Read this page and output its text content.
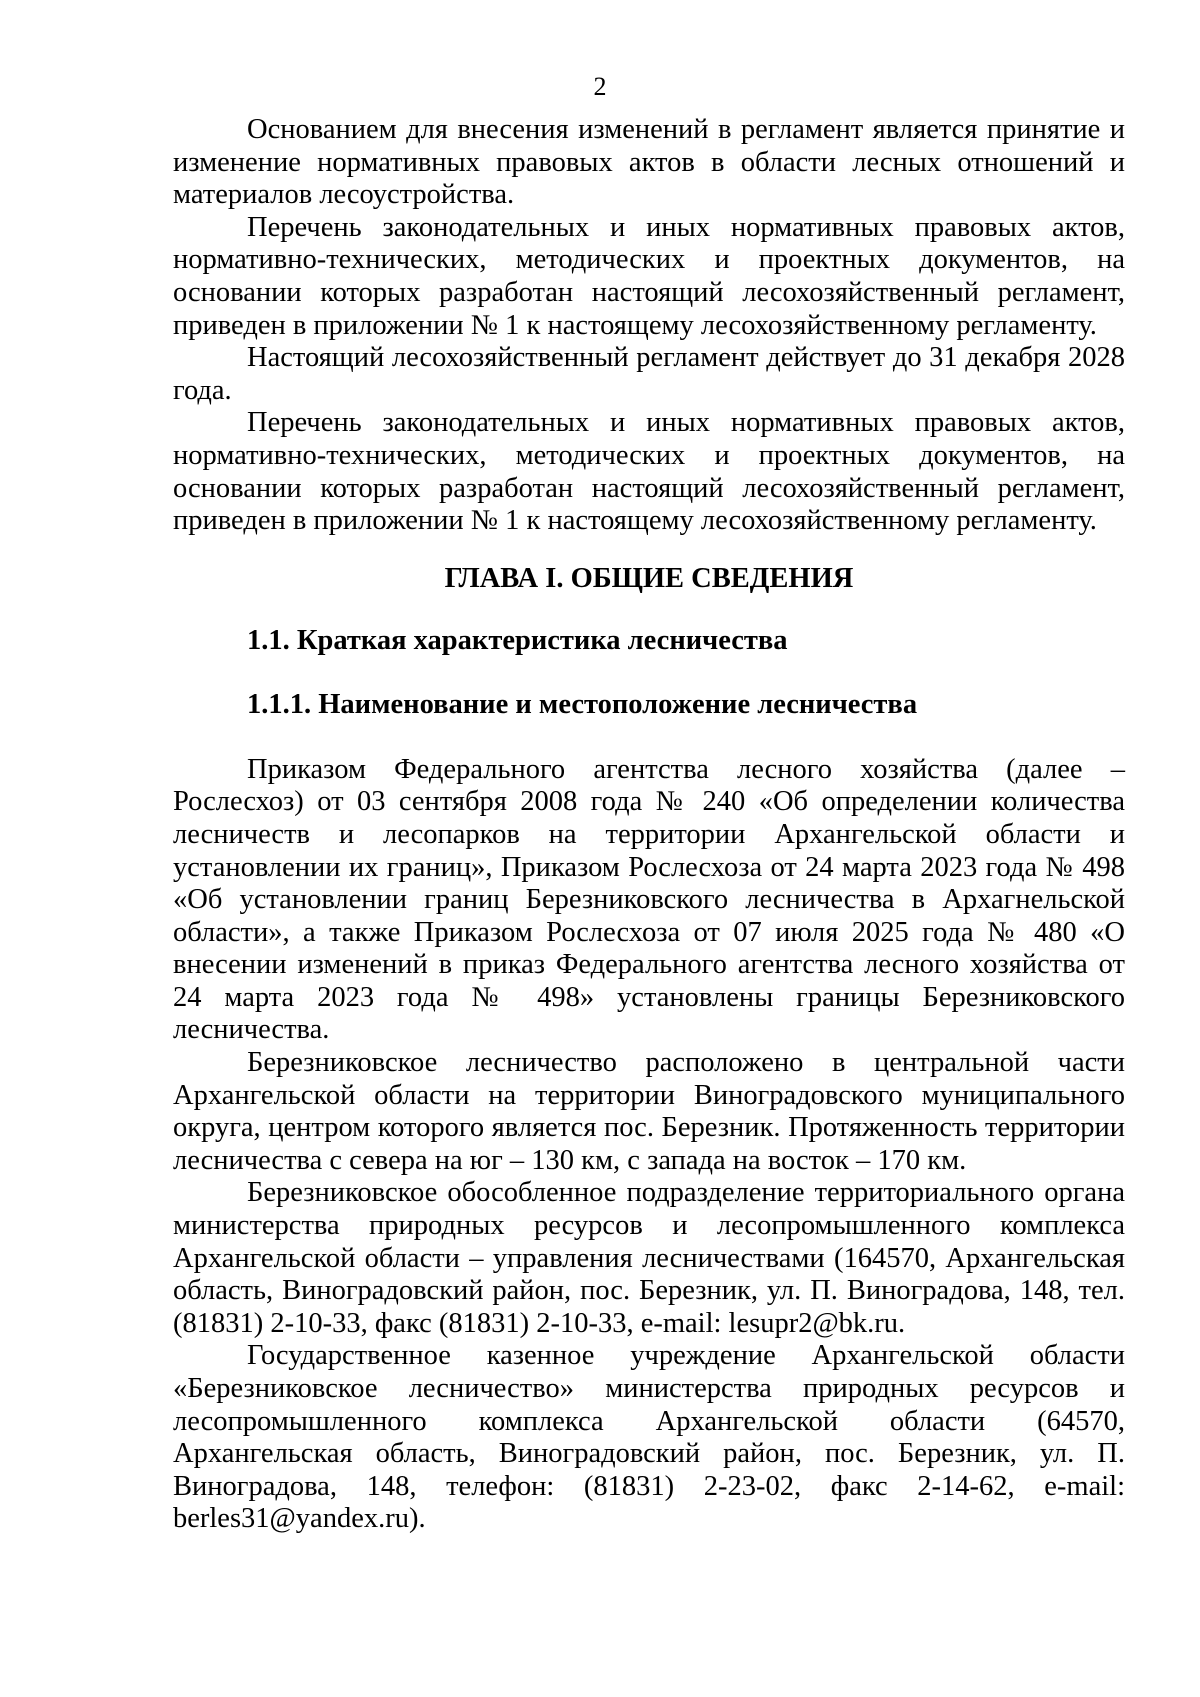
2

Основанием для внесения изменений в регламент является принятие и изменение нормативных правовых актов в области лесных отношений и материалов лесоустройства.

Перечень законодательных и иных нормативных правовых актов, нормативно-технических, методических и проектных документов, на основании которых разработан настоящий лесохозяйственный регламент, приведен в приложении № 1 к настоящему лесохозяйственному регламенту.

Настоящий лесохозяйственный регламент действует до 31 декабря 2028 года.

Перечень законодательных и иных нормативных правовых актов, нормативно-технических, методических и проектных документов, на основании которых разработан настоящий лесохозяйственный регламент, приведен в приложении № 1 к настоящему лесохозяйственному регламенту.

ГЛАВА I. ОБЩИЕ СВЕДЕНИЯ
1.1. Краткая характеристика лесничества
1.1.1. Наименование и местоположение лесничества

Приказом Федерального агентства лесного хозяйства (далее – Рослесхоз) от 03 сентября 2008 года № 240 «Об определении количества лесничеств и лесопарков на территории Архангельской области и установлении их границ», Приказом Рослесхоза от 24 марта 2023 года № 498 «Об установлении границ Березниковского лесничества в Архагнельской области», а также Приказом Рослесхоза от 07 июля 2025 года № 480 «О внесении изменений в приказ Федерального агентства лесного хозяйства от 24 марта 2023 года № 498» установлены границы Березниковского лесничества.

Березниковское лесничество расположено в центральной части Архангельской области на территории Виноградовского муниципального округа, центром которого является пос. Березник. Протяженность территории лесничества с севера на юг – 130 км, с запада на восток – 170 км.

Березниковское обособленное подразделение территориального органа министерства природных ресурсов и лесопромышленного комплекса Архангельской области – управления лесничествами (164570, Архангельская область, Виноградовский район, пос. Березник, ул. П. Виноградова, 148, тел. (81831) 2-10-33, факс (81831) 2-10-33, e-mail: lesupr2@bk.ru.

Государственное казенное учреждение Архангельской области «Березниковское лесничество» министерства природных ресурсов и лесопромышленного комплекса Архангельской области (64570, Архангельская область, Виноградовский район, пос. Березник, ул. П. Виноградова, 148, телефон: (81831) 2-23-02, факс 2-14-62, e-mail: berles31@yandex.ru).
